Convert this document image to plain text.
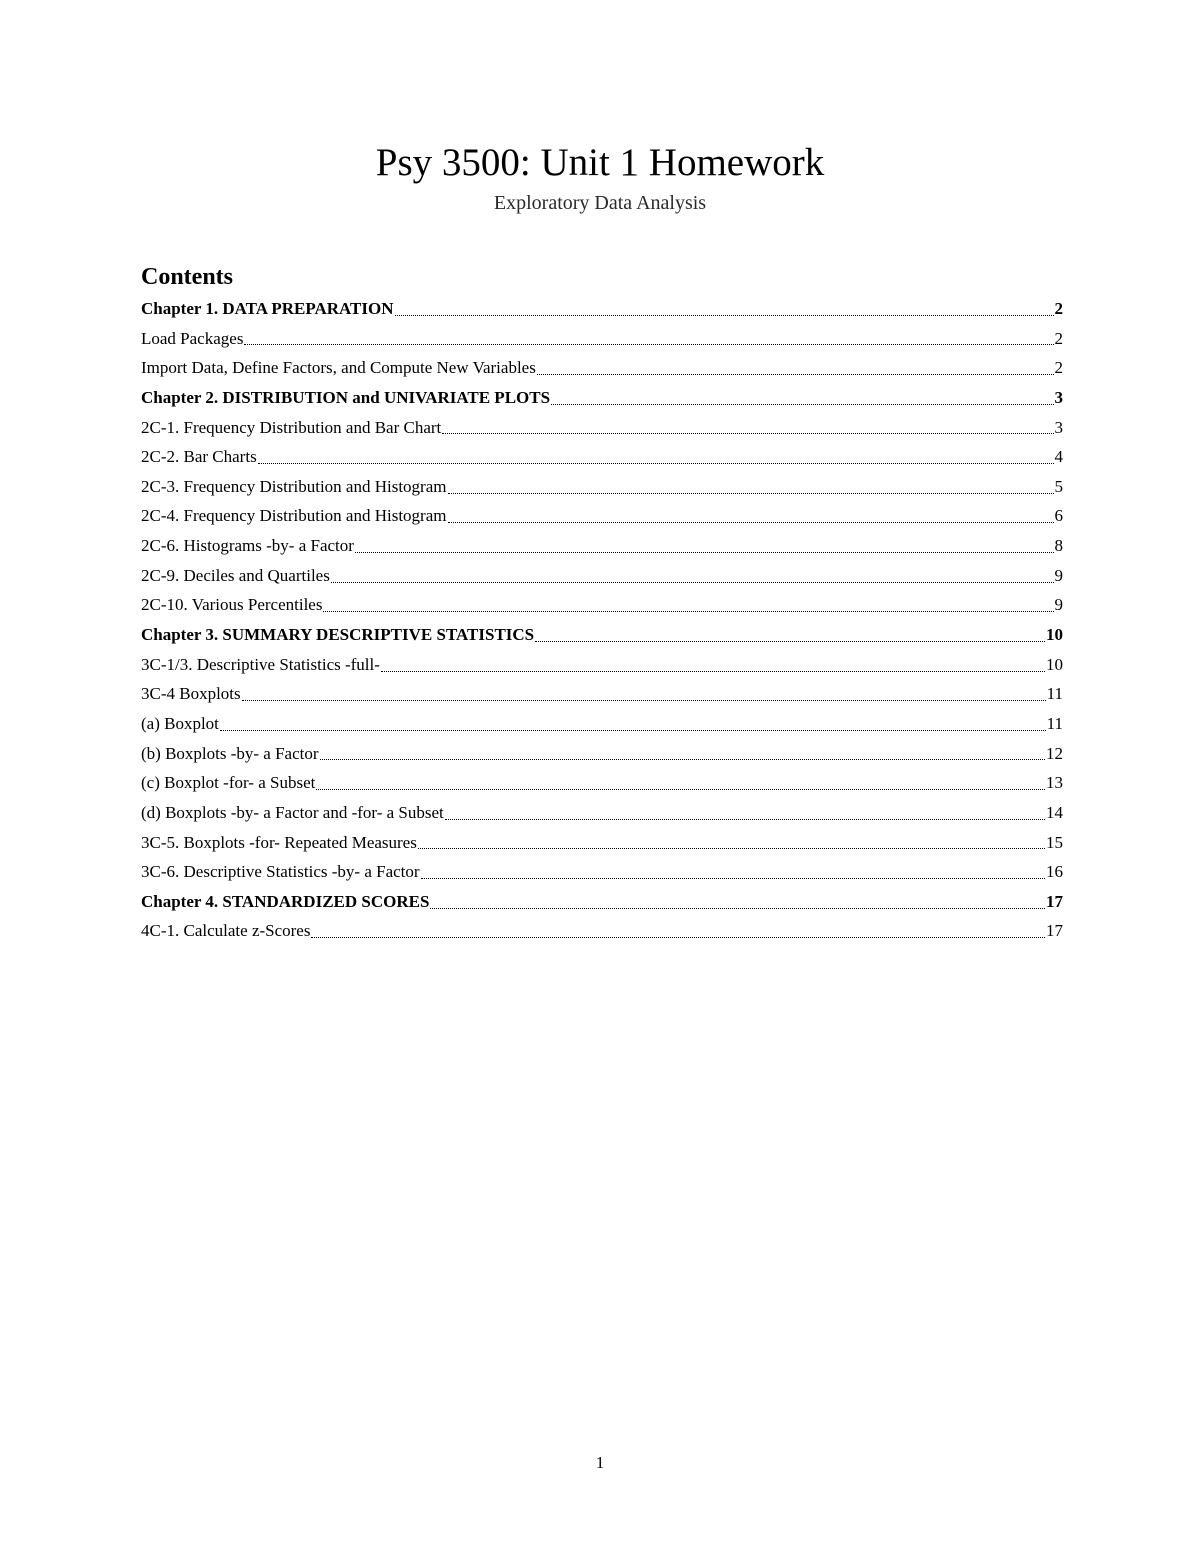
Psy 3500: Unit 1 Homework
Exploratory Data Analysis
Contents
Chapter 1. DATA PREPARATION	2
Load Packages	2
Import Data, Define Factors, and Compute New Variables	2
Chapter 2. DISTRIBUTION and UNIVARIATE PLOTS	3
2C-1. Frequency Distribution and Bar Chart	3
2C-2. Bar Charts	4
2C-3. Frequency Distribution and Histogram	5
2C-4. Frequency Distribution and Histogram	6
2C-6. Histograms -by- a Factor	8
2C-9. Deciles and Quartiles	9
2C-10. Various Percentiles	9
Chapter 3. SUMMARY DESCRIPTIVE STATISTICS	10
3C-1/3. Descriptive Statistics -full-	10
3C-4 Boxplots	11
(a) Boxplot	11
(b) Boxplots -by- a Factor	12
(c) Boxplot -for- a Subset	13
(d) Boxplots -by- a Factor and -for- a Subset	14
3C-5. Boxplots -for- Repeated Measures	15
3C-6. Descriptive Statistics -by- a Factor	16
Chapter 4. STANDARDIZED SCORES	17
4C-1. Calculate z-Scores	17
1
